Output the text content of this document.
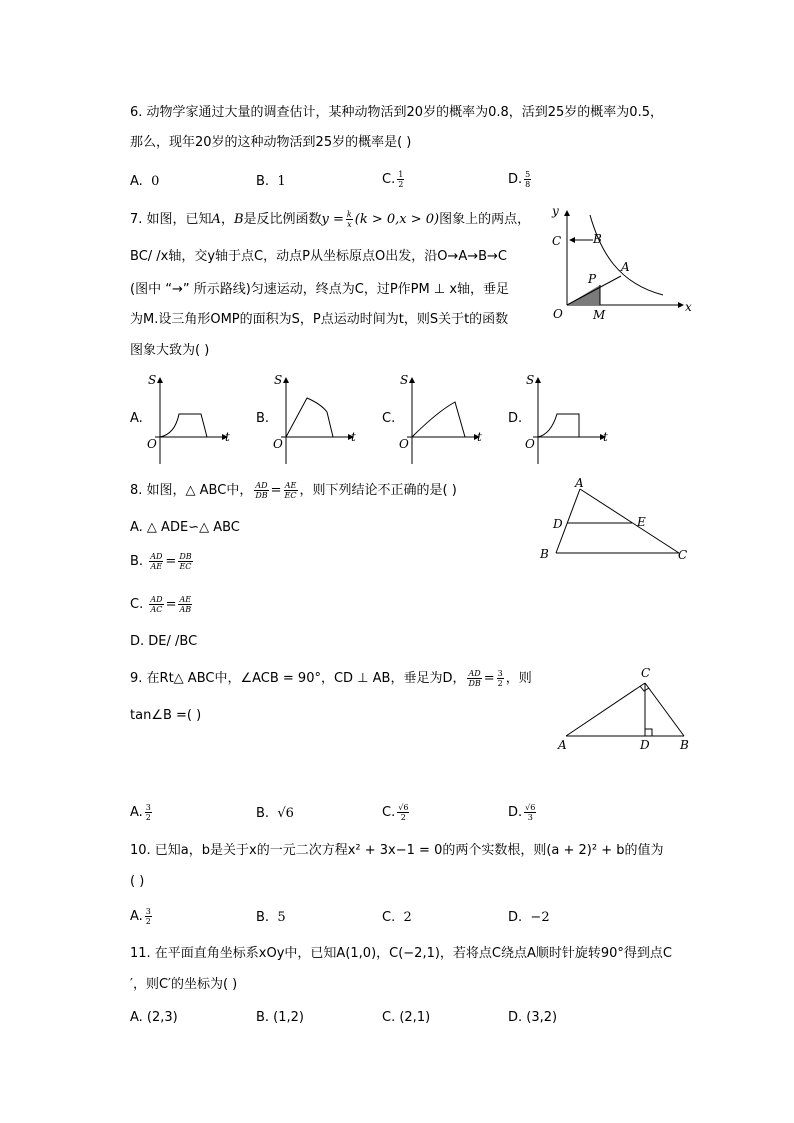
6. 动物学家通过大量的调查估计，某种动物活到20岁的概率为0.8，活到25岁的概率为0.5，
那么，现年20岁的这种动物活到25岁的概率是( )
A. 0	B. 1	C. $\frac{1}{2}$	D. $\frac{5}{8}$
7. 如图，已知A，B是反比例函数$y = \frac{k}{x} (k > 0,x > 0)$图象上的两点，
BC/ /x轴，交y轴于点C，动点P从坐标原点O出发，沿O→A→B→C
(图中 “→” 所示路线)匀速运动，终点为C，过P作PM ⊥ x轴，垂足
为M.设三角形OMP的面积为S，P点运动时间为t，则S关于t的函数
图象大致为( )
y
x
C	B
A
P
O	M
A.	B.	C.	D.
S
O	t
S
O	t
S
O	t
S
O	t
8. 如图，△ ABC中， $\frac{AD}{DB} = \frac{AE}{EC}$ ，则下列结论不正确的是( )
A. △ ADE∽△ ABC
B. $\frac{AD}{AE} = \frac{DB}{EC}$
C. $\frac{AD}{AC} = \frac{AE}{AB}$
D. DE/ /BC
A
D	E
B	C
9. 在Rt△ ABC中，∠ACB = 90°，CD ⊥ AB，垂足为D， $\frac{AD}{DB} = \frac{3}{2}$ ，则
tan∠B =( )
C
A	D	B
A. $\frac{3}{2}$	B. √6	C. $\frac{√6}{2}$	D. $\frac{√6}{3}$
10. 已知a，b是关于x的一元二次方程x² + 3x−1 = 0的两个实数根，则(a + 2)² + b的值为
( )
A. $\frac{3}{2}$	B. 5	C. 2	D. −2
11. 在平面直角坐标系xOy中，已知A(1,0)，C(−2,1)，若将点C绕点A顺时针旋转90°得到点C
′，则C′的坐标为( )
A. (2,3)	B. (1,2)	C. (2,1)	D. (3,2)
